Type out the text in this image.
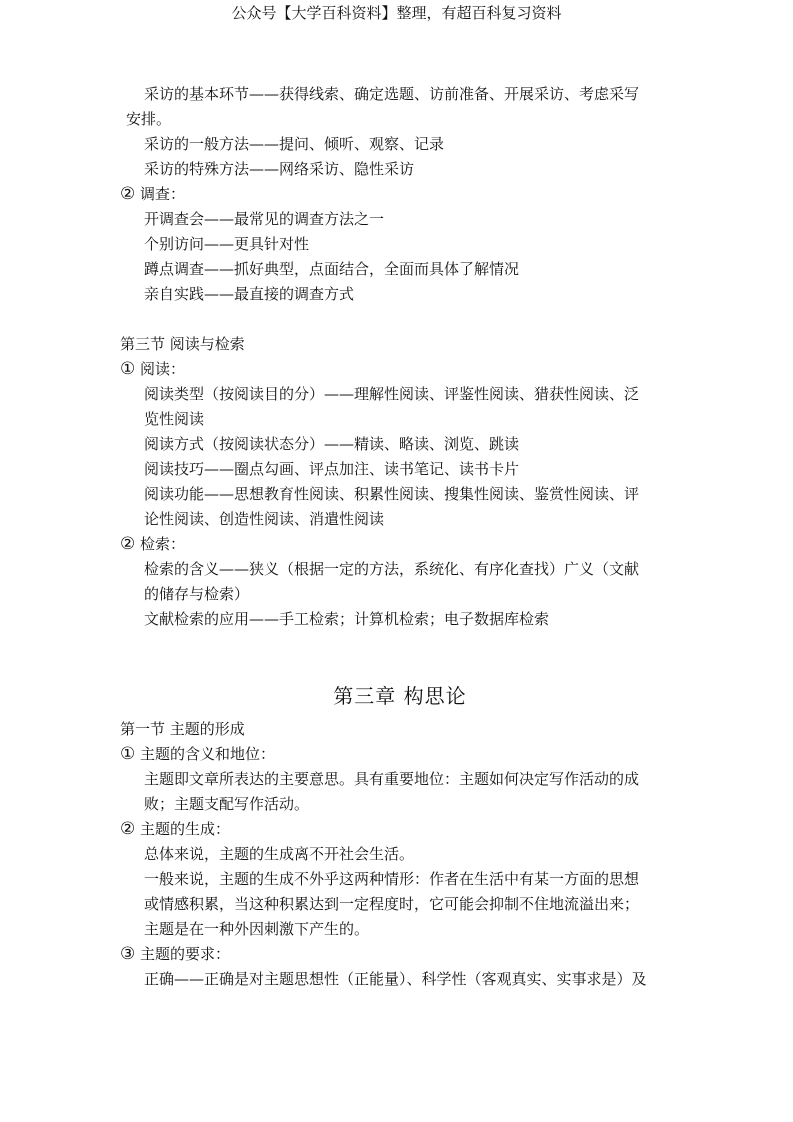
公众号【大学百科资料】整理，有超百科复习资料
采访的基本环节——获得线索、确定选题、访前准备、开展采访、考虑采写
安排。
采访的一般方法——提问、倾听、观察、记录
采访的特殊方法——网络采访、隐性采访
② 调查：
开调查会——最常见的调查方法之一
个别访问——更具针对性
蹲点调查——抓好典型，点面结合，全面而具体了解情况
亲自实践——最直接的调查方式
第三节 阅读与检索
① 阅读：
阅读类型（按阅读目的分）——理解性阅读、评鉴性阅读、猎获性阅读、泛
览性阅读
阅读方式（按阅读状态分）——精读、略读、浏览、跳读
阅读技巧——圈点勾画、评点加注、读书笔记、读书卡片
阅读功能——思想教育性阅读、积累性阅读、搜集性阅读、鉴赏性阅读、评
论性阅读、创造性阅读、消遣性阅读
② 检索：
检索的含义——狭义（根据一定的方法，系统化、有序化查找）广义（文献
的储存与检索）
文献检索的应用——手工检索；计算机检索；电子数据库检索
第三章 构思论
第一节 主题的形成
① 主题的含义和地位：
主题即文章所表达的主要意思。具有重要地位：主题如何决定写作活动的成
败；主题支配写作活动。
② 主题的生成：
总体来说，主题的生成离不开社会生活。
一般来说，主题的生成不外乎这两种情形：作者在生活中有某一方面的思想
或情感积累，当这种积累达到一定程度时，它可能会抑制不住地流溢出来；
主题是在一种外因刺激下产生的。
③ 主题的要求：
正确——正确是对主题思想性（正能量）、科学性（客观真实、实事求是）及
